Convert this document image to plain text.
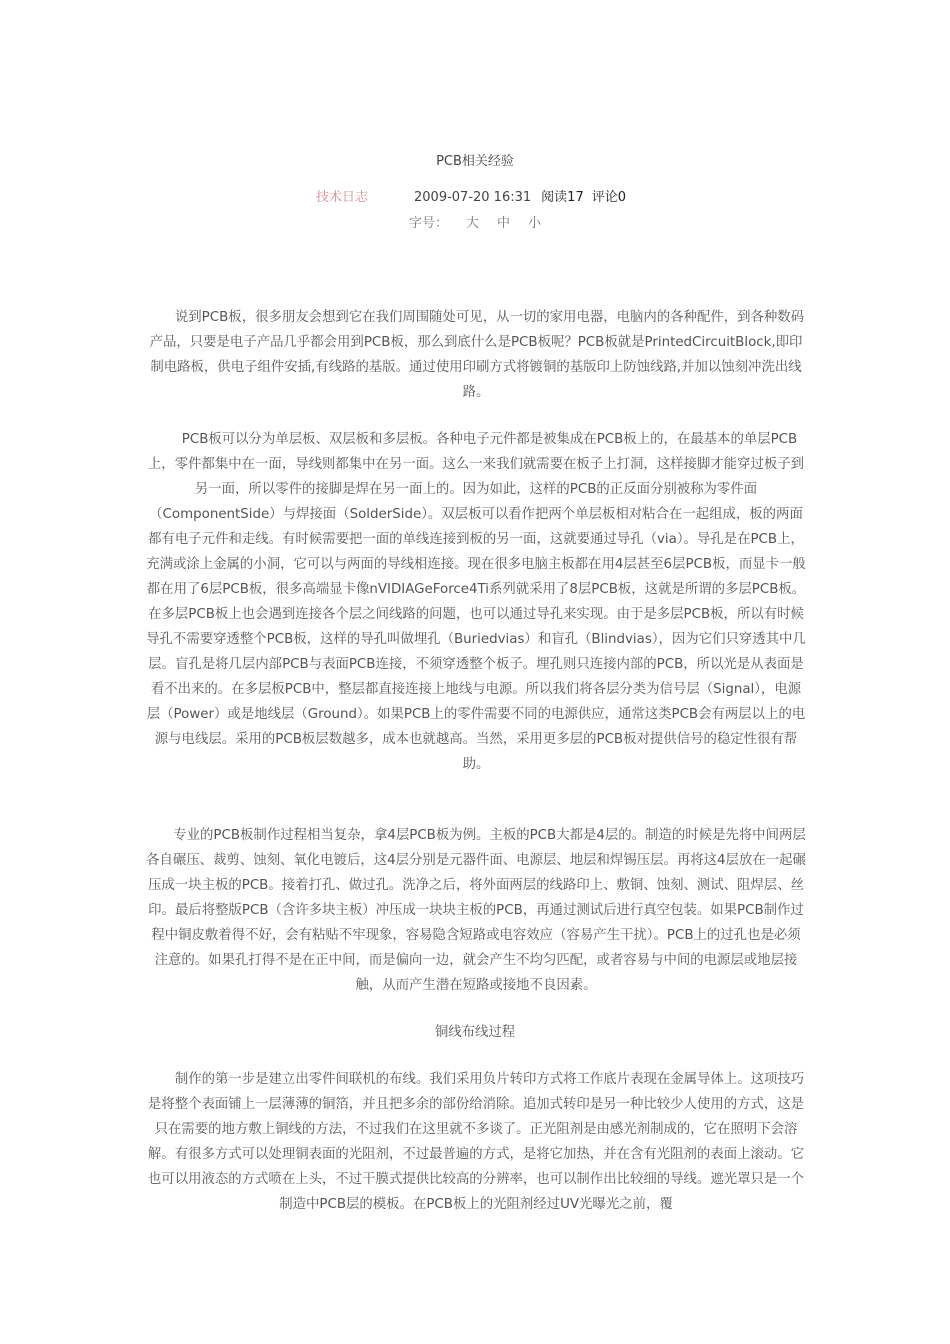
PCB相关经验
技术日志	2009-07-20 16:31 阅读17 评论0
字号： 大 中 小

说到PCB板，很多朋友会想到它在我们周围随处可见，从一切的家用电器，电脑内的各种配件，到各种数码产品，只要是电子产品几乎都会用到PCB板，那么到底什么是PCB板呢？PCB板就是PrintedCircuitBlock,即印制电路板，供电子组件安插,有线路的基版。通过使用印刷方式将镀铜的基版印上防蚀线路,并加以蚀刻冲洗出线路。

PCB板可以分为单层板、双层板和多层板。各种电子元件都是被集成在PCB板上的，在最基本的单层PCB上，零件都集中在一面，导线则都集中在另一面。这么一来我们就需要在板子上打洞，这样接脚才能穿过板子到另一面，所以零件的接脚是焊在另一面上的。因为如此，这样的PCB的正反面分别被称为零件面（ComponentSide）与焊接面（SolderSide）。双层板可以看作把两个单层板相对粘合在一起组成，板的两面都有电子元件和走线。有时候需要把一面的单线连接到板的另一面，这就要通过导孔（via）。导孔是在PCB上，充满或涂上金属的小洞，它可以与两面的导线相连接。现在很多电脑主板都在用4层甚至6层PCB板，而显卡一般都在用了6层PCB板，很多高端显卡像nVIDIAGeForce4Ti系列就采用了8层PCB板，这就是所谓的多层PCB板。在多层PCB板上也会遇到连接各个层之间线路的问题，也可以通过导孔来实现。由于是多层PCB板，所以有时候导孔不需要穿透整个PCB板，这样的导孔叫做埋孔（Buriedvias）和盲孔（Blindvias），因为它们只穿透其中几层。盲孔是将几层内部PCB与表面PCB连接，不须穿透整个板子。埋孔则只连接内部的PCB，所以光是从表面是看不出来的。在多层板PCB中，整层都直接连接上地线与电源。所以我们将各层分类为信号层（Signal），电源层（Power）或是地线层（Ground）。如果PCB上的零件需要不同的电源供应，通常这类PCB会有两层以上的电源与电线层。采用的PCB板层数越多，成本也就越高。当然，采用更多层的PCB板对提供信号的稳定性很有帮助。

专业的PCB板制作过程相当复杂，拿4层PCB板为例。主板的PCB大都是4层的。制造的时候是先将中间两层各自碾压、裁剪、蚀刻、氧化电镀后，这4层分别是元器件面、电源层、地层和焊锡压层。再将这4层放在一起碾压成一块主板的PCB。接着打孔、做过孔。洗净之后，将外面两层的线路印上、敷铜、蚀刻、测试、阻焊层、丝印。最后将整版PCB（含许多块主板）冲压成一块块主板的PCB，再通过测试后进行真空包装。如果PCB制作过程中铜皮敷着得不好，会有粘贴不牢现象，容易隐含短路或电容效应（容易产生干扰）。PCB上的过孔也是必须注意的。如果孔打得不是在正中间，而是偏向一边，就会产生不均匀匹配，或者容易与中间的电源层或地层接触，从而产生潜在短路或接地不良因素。

铜线布线过程

制作的第一步是建立出零件间联机的布线。我们采用负片转印方式将工作底片表现在金属导体上。这项技巧是将整个表面铺上一层薄薄的铜箔，并且把多余的部份给消除。追加式转印是另一种比较少人使用的方式，这是只在需要的地方敷上铜线的方法，不过我们在这里就不多谈了。正光阻剂是由感光剂制成的，它在照明下会溶解。有很多方式可以处理铜表面的光阻剂，不过最普遍的方式，是将它加热，并在含有光阻剂的表面上滚动。它也可以用液态的方式喷在上头，不过干膜式提供比较高的分辨率，也可以制作出比较细的导线。遮光罩只是一个制造中PCB层的模板。在PCB板上的光阻剂经过UV光曝光之前，覆
